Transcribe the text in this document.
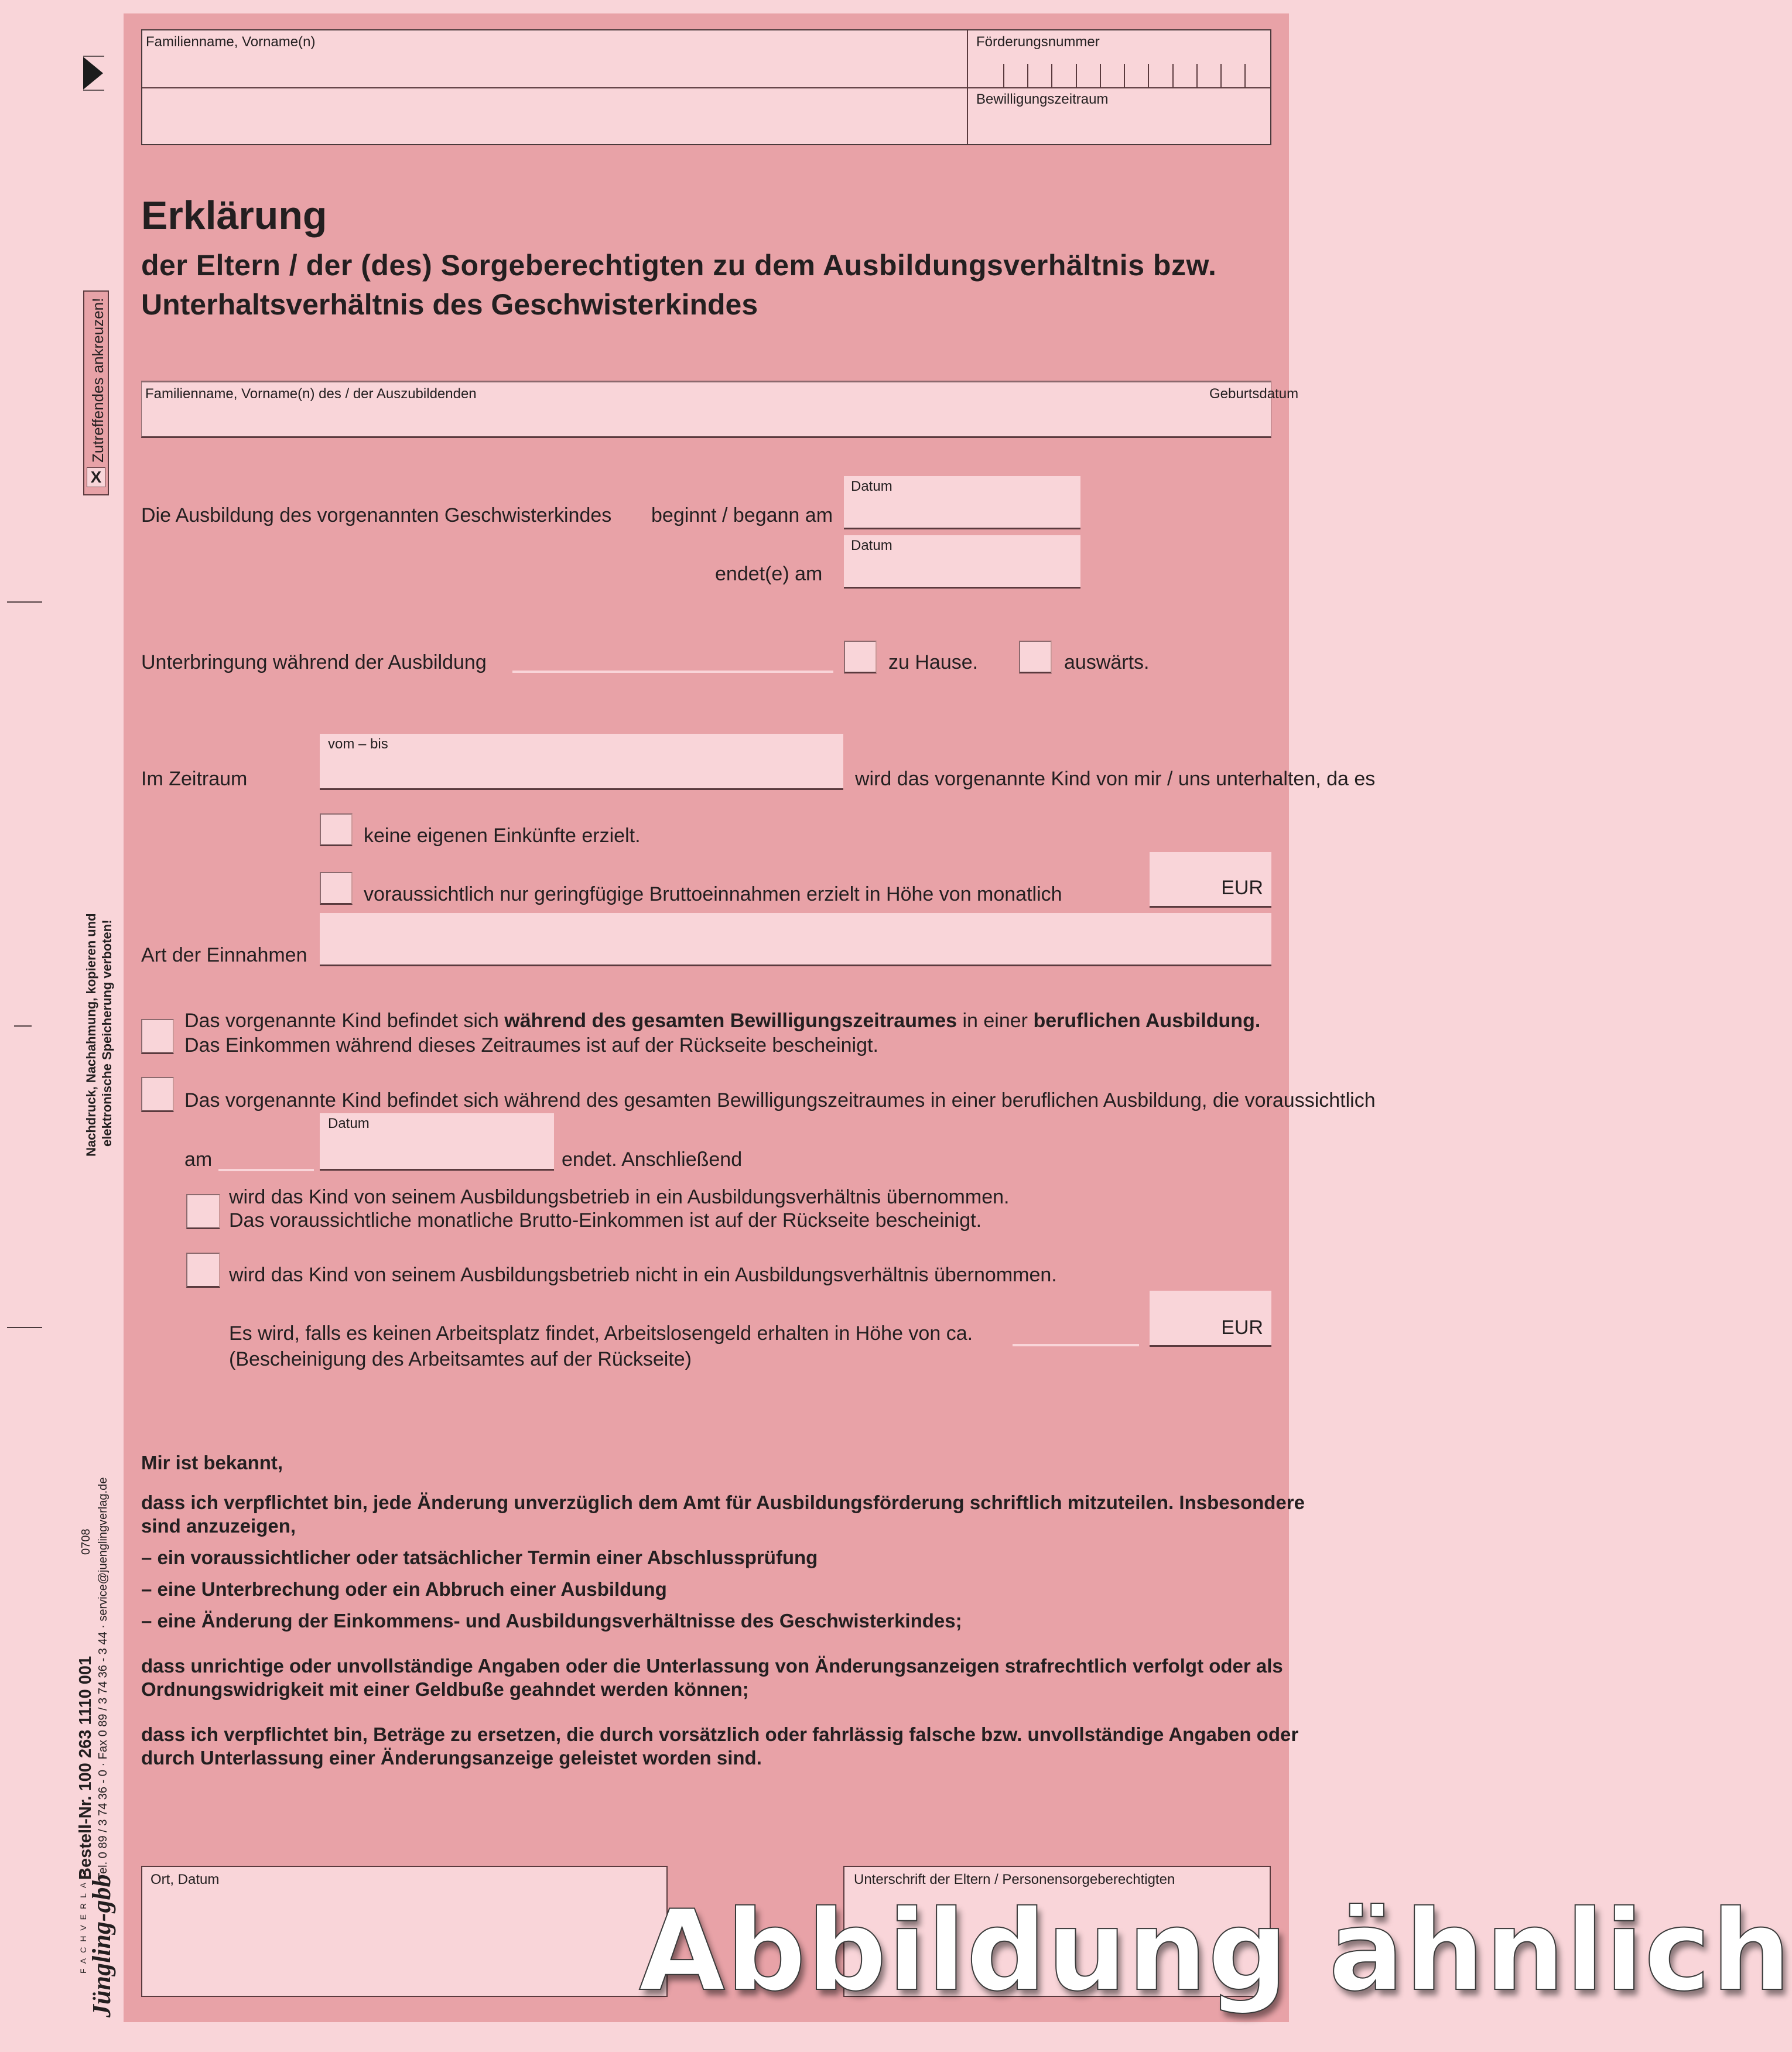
X
Zutreffendes ankreuzen!
Nachdruck, Nachahmung, kopieren und elektronische Speicherung verboten!
FACHVERLAG Jüngling-gbb
Bestell-Nr. 100 263 1110 001 Tel. 0 89 / 3 74 36 - 0 · Fax 0 89 / 3 74 36 - 3 44 · service@juenglingverlag.de
0708
Familienname, Vorname(n)	Förderungsnummer
Bewilligungszeitraum
Erklärung
der Eltern / der (des) Sorgeberechtigten zu dem Ausbildungsverhältnis bzw.
Unterhaltsverhältnis des Geschwisterkindes
Familienname, Vorname(n) des / der Auszubildenden	Geburtsdatum
Die Ausbildung des vorgenannten Geschwisterkindes beginnt / begann am
Datum
endet(e) am
Datum
Unterbringung während der Ausbildung	zu Hause.	auswärts.
Im Zeitraum
vom – bis
wird das vorgenannte Kind von mir / uns unterhalten, da es
keine eigenen Einkünfte erzielt.
voraussichtlich nur geringfügige Bruttoeinnahmen erzielt in Höhe von monatlich	EUR
Art der Einnahmen
Das vorgenannte Kind befindet sich während des gesamten Bewilligungszeitraumes in einer beruflichen Ausbildung.
Das Einkommen während dieses Zeitraumes ist auf der Rückseite bescheinigt.
Das vorgenannte Kind befindet sich während des gesamten Bewilligungszeitraumes in einer beruflichen Ausbildung, die voraussichtlich
am
Datum
endet. Anschließend
wird das Kind von seinem Ausbildungsbetrieb in ein Ausbildungsverhältnis übernommen.
Das voraussichtliche monatliche Brutto-Einkommen ist auf der Rückseite bescheinigt.
wird das Kind von seinem Ausbildungsbetrieb nicht in ein Ausbildungsverhältnis übernommen.
Es wird, falls es keinen Arbeitsplatz findet, Arbeitslosengeld erhalten in Höhe von ca.	EUR
(Bescheinigung des Arbeitsamtes auf der Rückseite)
Mir ist bekannt,
dass ich verpflichtet bin, jede Änderung unverzüglich dem Amt für Ausbildungsförderung schriftlich mitzuteilen. Insbesondere
sind anzuzeigen,
– ein voraussichtlicher oder tatsächlicher Termin einer Abschlussprüfung
– eine Unterbrechung oder ein Abbruch einer Ausbildung
– eine Änderung der Einkommens- und Ausbildungsverhältnisse des Geschwisterkindes;
dass unrichtige oder unvollständige Angaben oder die Unterlassung von Änderungsanzeigen strafrechtlich verfolgt oder als
Ordnungswidrigkeit mit einer Geldbuße geahndet werden können;
dass ich verpflichtet bin, Beträge zu ersetzen, die durch vorsätzlich oder fahrlässig falsche bzw. unvollständige Angaben oder
durch Unterlassung einer Änderungsanzeige geleistet worden sind.
Ort, Datum	Unterschrift der Eltern / Personensorgeberechtigten
Abbildung ähnlich
